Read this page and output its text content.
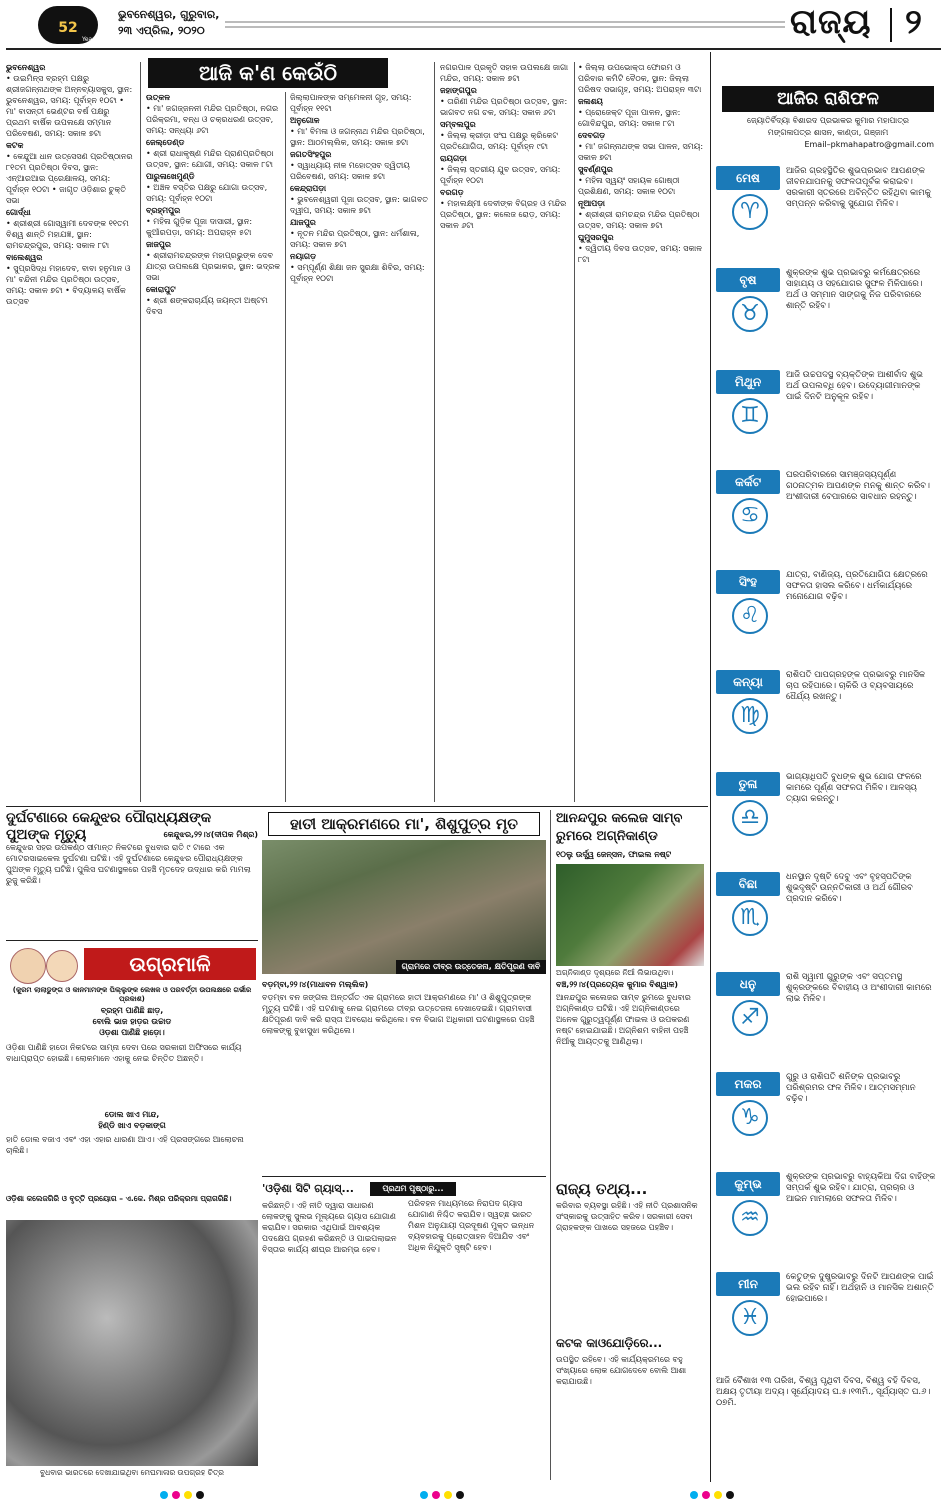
52
Years
ଭୁବନେଶ୍ୱର, ଗୁରୁବାର,
୨୩ ଏପ୍ରିଲ, ୨୦୨୦	ରାଜ୍ୟ ୨
ଆଜି କ'ଣ କେଉଁଠି
ଭୁବନେଶ୍ୱର

• ଉଇମିନ୍ସ ବ୍ରହ୍ମ ପକ୍ଷରୁ ଶ୍ରୀଜଗନ୍ନାଥଙ୍କ ଅନ୍ନବ୍ୟାସକୁସ, ସ୍ଥାନ: ଭୁବନେଶ୍ୱର, ସମୟ: ପୂର୍ବାହ୍ନ ୧୦ଟା • ମା' ବାସନ୍ତୀ ଭେଣ୍ଟର ବର୍ଷ ପକ୍ଷରୁ ପ୍ରଥମ ବାର୍ଷିକ ଉପଲକ୍ଷେ ସମ୍ମାନ ପରିବେଷଣ, ସମୟ: ସକାଳ ୭ଟା

କଟକ

• କେନ୍ଦୁଆ ଧାନ ଉତ୍ସେସଣ ପ୍ରତିଷ୍ଠାନର ୮୧ତମ ପ୍ରତିଷ୍ଠା ଦିବସ, ସ୍ଥାନ: ଏନ୍ଆରଆଇ ପ୍ରେକ୍ଷାଳୟ, ସମୟ: ପୂର୍ବାହ୍ନ ୧୦ଟା • ଜାଗୃତ ଓଡ଼ିଶାର ଚୁକ୍ତି ସଭା

ଗୋର୍ଦ୍ଧା

• ଶ୍ରୀଶ୍ରୀ ଗୋସ୍ୱାମୀ ଦେବଙ୍କ ୧୧ତମ ବିଶ୍ୱ ଶାନ୍ତି ମହାଯଜ୍ଞ, ସ୍ଥାନ: ରାମଚନ୍ଦ୍ରପୁର, ସମୟ: ସକାଳ ୮ଟା

ବାଲେଶ୍ୱର

• ସୁପ୍ରସିଦ୍ଧ ମହାଦେବ, ବାବା ହନୁମାନ ଓ ମା' ବନ୍ଦିନୀ ମନ୍ଦିର ପ୍ରତିଷ୍ଠା ଉତ୍ସବ, ସମୟ: ସକାଳ ୭ଟା • ବିଦ୍ୟାଳୟ ବାର୍ଷିକ ଉତ୍ସବ

ଉତ୍କଳ

• ମା' ଜଗଜ୍ଜନନୀ ମନ୍ଦିର ପ୍ରତିଷ୍ଠା, ନଗର ପରିକ୍ରମା, ବନ୍ଧ ଓ ଚକ୍ରଧରଣ ଉତ୍ସବ, ସମୟ: ସନ୍ଧ୍ୟା ୬ଟା

ଜେଲ୍ଡେଣ୍ଡ

• ଶ୍ରୀ ରାଧାକୃଷ୍ଣ ମନ୍ଦିର ପ୍ରାଣପ୍ରତିଷ୍ଠା ଉତ୍ସବ, ସ୍ଥାନ: ଯୋଗୀ, ସମୟ: ସକାଳ ୮ଟା

ପାରୁଳାଖେମୁଣ୍ଡି

• ଅଞ୍ଚଳ ବସ୍ତିର ପକ୍ଷରୁ ଯୋଗା ଉତ୍ସବ, ସମୟ: ପୂର୍ବାହ୍ନ ୧୦ଟା

ବ୍ରହ୍ମପୁର

• ମହିଳା ଗୁଡ଼ିକ ପୂଜା ଦାସାରୀ, ସ୍ଥାନ: କୁଆଁରପଡ଼ା, ସମୟ: ଅପରାହ୍ନ ୫ଟା

ଜାଜପୁର

• ଶ୍ରୀରାମଚନ୍ଦ୍ରଙ୍କ ମହାପ୍ରଭୁଙ୍କ ଦେବ ଯାତ୍ରା ଉପଲକ୍ଷେ ପ୍ରଭାକର, ସ୍ଥାନ: ଭଦ୍ରକ ସଭା

କୋରାପୁଟ

• ଶ୍ରୀ ଶଙ୍କରାଚାର୍ଯ୍ୟ ଜୟନ୍ତୀ ଅଷ୍ଟମ ଦିବସ

ଜିଲ୍ଲାପାଳଙ୍କ ସମ୍ମେଳନୀ ଗୃହ, ସମୟ: ପୂର୍ବାହ୍ନ ୧୧ଟା

ଅନୁଗୋଳ

• ମା' ବିମଳା ଓ ଜଗନ୍ନାଥ ମନ୍ଦିର ପ୍ରତିଷ୍ଠା, ସ୍ଥାନ: ଆଠମଲ୍ଲିକ, ସମୟ: ସକାଳ ୭ଟା

ଜଗତସିଂହପୁର

• ସ୍ୱାଧ୍ୟାୟ ନୀଳ ମହୋତ୍ସବ ଦ୍ୱିତୀୟ ପରିବେଷଣ, ସମୟ: ସକାଳ ୭ଟା

କେନ୍ଦ୍ରାପଡ଼ା

• ଭୁବନେଶ୍ୱରୀ ପୂଜା ଉତ୍ସବ, ସ୍ଥାନ: ଭାଗବତ ଦ୍ୱୀପ, ସମୟ: ସକାଳ ୭ଟା

ଯାଜପୁର

• ନୂତନ ମନ୍ଦିର ପ୍ରତିଷ୍ଠା, ସ୍ଥାନ: ଧର୍ମଶାଳା, ସମୟ: ସକାଳ ୭ଟା

ନୟାଗଡ଼

• ସମ୍ପୂର୍ଣ୍ଣ ଶିକ୍ଷା ଜନ ସୁରକ୍ଷା ଶିବିର, ସମୟ: ପୂର୍ବାହ୍ନ ୧୦ଟା

ନଗରପାଳ ପ୍ରକୃତି ସହାଳ ଉପଲକ୍ଷେ ଜାଗା ମନ୍ଦିର, ସମୟ: ସକାଳ ୭ଟା

ଜହାଙ୍ଗପୁର

• ତାରିଣୀ ମନ୍ଦିର ପ୍ରତିଷ୍ଠା ଉତ୍ସବ, ସ୍ଥାନ: ଭାଗବତ ନଗ ଚକ, ସମୟ: ସକାଳ ୬ଟା

ସମ୍ବଲପୁର

• ଜିଲ୍ଲା କ୍ରୀଡ଼ା ସଂଘ ପକ୍ଷରୁ କ୍ରିକେଟ ପ୍ରତିଯୋଗିତା, ସମୟ: ପୂର୍ବାହ୍ନ ୯ଟା

ରାୟଗଡ଼ା

• ଜିଲ୍ଲା ସ୍ତରୀୟ ଯୁବ ଉତ୍ସବ, ସମୟ: ପୂର୍ବାହ୍ନ ୧୦ଟା

ବରଗଡ଼

• ମହାଲକ୍ଷ୍ମୀ ଦେବୀଙ୍କ ବିଗ୍ରହ ଓ ମନ୍ଦିର ପ୍ରତିଷ୍ଠା, ସ୍ଥାନ: କଲେଜ ରୋଡ଼, ସମୟ: ସକାଳ ୬ଟା

• ଜିଲ୍ଲା ଉପଭୋକ୍ତା ଫୋରମ ଓ ପରିବାର କମିଟି ବୈଠକ, ସ୍ଥାନ: ଜିଲ୍ଲା ପରିଷଦ ସଭାଗୃହ, ସମୟ: ଅପରାହ୍ନ ୩ଟା

ଜଳାଶୟ

• ପ୍ରୋଜେକ୍ଟ ପୂଜା ପାଳନ, ସ୍ଥାନ: ଗୋବିନ୍ଦପୁର, ସମୟ: ସକାଳ ୮ଟା

ଦେବଗଡ଼

• ମା' ଜଗନ୍ନାଥଙ୍କ ସଭା ପାଳନ, ସମୟ: ସକାଳ ୭ଟା

ସୁବର୍ଣ୍ଣପୁର

• ମହିଳା ସ୍ୱୟଂ ସହାୟକ ଗୋଷ୍ଠୀ ପ୍ରଶିକ୍ଷଣ, ସମୟ: ସକାଳ ୧୦ଟା

ନୂଆପଡ଼ା

• ଶ୍ରୀଶ୍ରୀ ରାମଚନ୍ଦ୍ର ମନ୍ଦିର ପ୍ରତିଷ୍ଠା ଉତ୍ସବ, ସମୟ: ସକାଳ ୭ଟା

ଘୁମୁସରପୁର

• ଦ୍ୱିତୀୟ ଦିବସ ଉତ୍ସବ, ସମୟ: ସକାଳ ୮ଟା

ଆଜିର ରାଶିଫଳ
ଜ୍ୟୋତିର୍ବିଦ୍ୟା ବିଶାରଦ ପ୍ରଭାକର କୁମାର ମହାପାତ୍ର
ମଙ୍ଗଳାପତ୍ର ଶାସନ, କାଣ୍ଡା, ଗଞ୍ଜାମ
Email–pkmahapatro@gmail.com
ମେଷ
♈
ଆଜିର ଗ୍ରହସ୍ଥିତିର ଶୁଭପ୍ରଭାବ ଆପଣଙ୍କ ଜୀବନଯାପନକୁ ସଫଳତାପୂର୍ବକ କରାଇବ। ସରକାରୀ ସ୍ତରରେ ଅବିନ୍ତିତ ରହିଥିବା କାମକୁ ସମ୍ପନ୍ନ କରିବାକୁ ସୁଯୋଗ ମିଳିବ।
ବୃଷ
♉
ଶୁକ୍ରଙ୍କ ଶୁଭ ପ୍ରଭାବରୁ କର୍ମକ୍ଷେତ୍ରରେ ସାହାଯ୍ୟ ଓ ସହଯୋଗର ସୁଫଳ ମିଳିପାରେ। ଅର୍ଥ ଓ ସମ୍ମାନ ସାଙ୍ଗକୁ ନିଜ ପରିବାରରେ ଶାନ୍ତି ରହିବ।
ମିଥୁନ
♊
ଆଜି ଉଚ୍ଚପଦସ୍ଥ ବ୍ୟକ୍ତିଙ୍କ ଆଶୀର୍ବାଦ ଶୁଭ ଅର୍ଥ ଉପଲବ୍ଧି ହେବ। ଉଦ୍ୟୋଗୀମାନଙ୍କ ପାଇଁ ଦିନଟି ଅନୁକୂଳ ରହିବ।
କର୍କଟ
♋
ଘରପରିବାରରେ ସାମଞ୍ଜସ୍ୟପୂର୍ଣ୍ଣ ଗଠନାତ୍ମକ ଆପଣଙ୍କ ମନକୁ ଶାନ୍ତ କରିବ। ଅଂଶୀଦାରୀ ବେପାରରେ ସାବଧାନ ରହନ୍ତୁ।
ସିଂହ
♌
ଯାତ୍ରା, ବାଣିଜ୍ୟ, ପ୍ରତିଯୋଗିତା କ୍ଷେତ୍ରରେ ସଫଳତା ହାସଲ କରିବେ। ଧର୍ମକାର୍ଯ୍ୟରେ ମନୋଯୋଗ ବଢ଼ିବ।
କନ୍ୟା
♍
ରାଶିପତି ପାପଗ୍ରହଙ୍କ ପ୍ରଭାବରୁ ମାନସିକ ଚାପ ରହିପାରେ। ଚାକିରି ଓ ବ୍ୟବସାୟରେ ଧୈର୍ଯ୍ୟ ରଖନ୍ତୁ।
ତୁଳା
♎
ଭାଗ୍ୟାଧିପତି ବୁଧଙ୍କ ଶୁଭ ଯୋଗ ଫଳରେ କାମରେ ପୂର୍ଣ୍ଣ ସଫଳତା ମିଳିବ। ଆଳସ୍ୟ ତ୍ୟାଗ କରନ୍ତୁ।
ବିଛା
♏
ଧନସ୍ଥାନ ଦୃଷ୍ଟି ଦେବୁ ଏବଂ ବୃହସ୍ପତିଙ୍କ ଶୁଭଦୃଷ୍ଟି ଉନ୍ନତିକାରୀ ଓ ଅର୍ଥ ଗୌରବ ପ୍ରଦାନ କରିବେ।
ଧନୁ
♐
ରାଶି ସ୍ୱାମୀ ଗୁରୁଙ୍କ ଏବଂ ସପ୍ତମସ୍ଥ ଶୁକ୍ରଙ୍କରେ ବିବାହୀୟ ଓ ଅଂଶୀଦାରୀ କାମରେ ଲାଭ ମିଳିବ।
ମକର
♑
ଗୁରୁ ଓ ରାଶିପତି ଶନିଙ୍କ ପ୍ରଭାବରୁ ପରିଶ୍ରମର ଫଳ ମିଳିବ। ଆତ୍ମସମ୍ମାନ ବଢ଼ିବ।
କୁମ୍ଭ
♒
ଶୁକ୍ରଙ୍କ ପ୍ରଭାବରୁ ବାହ୍ୟକିଆ ଦିଗ ବାହିଙ୍କ ସମ୍ପର୍କ ଶୁଭ ରହିବ। ଯାତ୍ରା, ପ୍ରଚାର ଓ ଆଇନ ମାମଲାରେ ସଫଳତା ମିଳିବ।
ମୀନ
♓
କେତୁଙ୍କ ଦୁଷ୍ପ୍ରଭାବରୁ ଦିନଟି ଆପଣଙ୍କ ପାଇଁ ଭଲ ରହିବ ନାହିଁ। ଅର୍ଥହାନି ଓ ମାନସିକ ଅଶାନ୍ତି ହୋଇପାରେ।
ଆଜି ବୈଶାଖ ୧୩ ତାରିଖ, ବିଶ୍ୱ ପୃଥିବୀ ଦିବସ, ବିଶ୍ୱ ବହି ଦିବସ, ଅକ୍ଷୟ ତୃତୀୟା ଅଦ୍ୟ। ସୂର୍ଯ୍ୟୋଦୟ ଘ.୫।୧୩ମି., ସୂର୍ଯ୍ୟାସ୍ତ ଘ.୬।୦୭ମି.
ଦୁର୍ଘଟଣାରେ କେନ୍ଦୁଝର ପୌରାଧ୍ୟକ୍ଷଙ୍କ ପୁଅଙ୍କ ମୃତ୍ୟୁ	କେନ୍ଦୁଝର,୨୨।୪(ଦୀପକ ମିଶ୍ର)
କେନ୍ଦୁଝର ସହର ଉପକଣ୍ଠ ସୀମାନ୍ତ ନିକଟରେ ବୁଧବାର ରାତି ୯ ଟାରେ ଏକ ମୋଟରସାଇକେଲ ଦୁର୍ଘଟଣା ଘଟିଛି। ଏହି ଦୁର୍ଘଟଣାରେ କେନ୍ଦୁଝର ପୌରାଧ୍ୟକ୍ଷଙ୍କ ପୁଅଙ୍କ ମୃତ୍ୟୁ ଘଟିଛି। ପୁଲିସ ଘଟଣାସ୍ଥଳରେ ପହଞ୍ଚି ମୃତଦେହ ଉଦ୍ଧାର କରି ମାମଲା ରୁଜୁ କରିଛି।
ଉଗ୍ରମାଳି
(କୁରମ ଲାଲାଡୁଙ୍ଗ ଓ କାନମାମଙ୍କ ପିଲ୍ଲୁଙ୍କ ଲେଖକ ଓ ପରବର୍ତ୍ତୀ ଉପଲକ୍ଷରେ ଗର୍ଭୀର ପ୍ରକାଶ)
ବ୍ରହ୍ମ ପାଣିଛି ଛାଡ଼,
ବୋଲି ଭାଜ ହାଡ଼ର ଉଚ୍ଚାଡ
ଓଡ଼ଶା ପାଣିଛି ହାଡ଼ୋ।
ଓଡ଼ିଶା ପାଣିଛି ହାଡୋ ନିକଟରେ ସାମ୍ନା ଦେବା ପରେ ସରକାରୀ ଅଫିସରେ କାର୍ଯ୍ୟ ବାଧାପ୍ରାପ୍ତ ହୋଇଛି। ଲୋକମାନେ ଏହାକୁ ନେଇ ଚିନ୍ତିତ ଅଛନ୍ତି।
ଡୋଲ ଖାଏ ମାନ୍ଦ,
ହିଣ୍ଡି ଖାଏ ବଡ଼କାଙ୍ଗ
ହାତି ଡୋଲ ବଜାଏ ଏବଂ ଏହା ଏହାର ଧାରଣା ଆଏ। ଏହି ପ୍ରସଙ୍ଗରେ ଆଲୋଚନା ଚାଲିଛି।
ଓଡ଼ିଶା କଲେଜଗିରି ଓ ବୃତ୍ତି ପ୍ରୟୋଗ – ଏ.କେ. ମିଶ୍ର ପରିକ୍ରମା ପ୍ରାଗରିଛି।
ବୁଧବାର ଭାରତରେ ଦେଖାଯାଇଥିବା ମେଘମାଳାର ଉପଗ୍ରହ ଚିତ୍ର
ହାତୀ ଆକ୍ରମଣରେ ମା', ଶିଶୁପୁତ୍ର ମୃତ
ଗ୍ରାମରେ ତୀବ୍ର ଉତ୍ତେଜନା, କ୍ଷତିପୂରଣ ଦାବି
ବଡ଼ମ୍ବା,୨୨।୪(ମାଧାବନ ମଲ୍ଲିକ)
ବଡ଼ମ୍ବା ବନ ଜଙ୍ଗଲ ଅନ୍ତର୍ଗତ ଏକ ଗ୍ରାମରେ ହାତୀ ଆକ୍ରମଣରେ ମା' ଓ ଶିଶୁପୁତ୍ରଙ୍କ ମୃତ୍ୟୁ ଘଟିଛି। ଏହି ଘଟଣାକୁ ନେଇ ଗ୍ରାମରେ ତୀବ୍ର ଉତ୍ତେଜନା ଦେଖାଦେଇଛି। ଗ୍ରାମବାସୀ କ୍ଷତିପୂରଣ ଦାବି କରି ରାସ୍ତା ଅବରୋଧ କରିଥିଲେ। ବନ ବିଭାଗ ଅଧିକାରୀ ଘଟଣାସ୍ଥଳରେ ପହଞ୍ଚି ଲୋକଙ୍କୁ ବୁଝାସୁଝା କରିଥିଲେ।
ଆନନ୍ଦପୁର କଲେଜ ସାମ୍ବ ରୁମରେ ଅଗ୍ନିକାଣ୍ଡ
୧୦ଲୁ ଉର୍ଦ୍ଧ୍ୱ ଜେନ୍ସନ, ଫାଇଲ ନଷ୍ଟ
ଅଗ୍ନିକାଣ୍ଡ ଦୃଶ୍ୟରେ ନିଆଁ ଲିଭାଉଥିବା।
ବଞ୍ଚ,୨୨।୪(ପ୍ରତ୍ୟେକ କୁମାର ବିଶ୍ୱାଳ)
ଆନନ୍ଦପୁର କଲେଜର ସାମ୍ବ ରୁମରେ ବୁଧବାର ଅଗ୍ନିକାଣ୍ଡ ଘଟିଛି। ଏହି ଅଗ୍ନିକାଣ୍ଡରେ ଅନେକ ଗୁରୁତ୍ୱପୂର୍ଣ୍ଣ ଫାଇଲ ଓ ଉପକରଣ ନଷ୍ଟ ହୋଇଯାଇଛି। ଅଗ୍ନିଶମ ବାହିନୀ ପହଞ୍ଚି ନିଆଁକୁ ଆୟତ୍ତକୁ ଆଣିଥିଲା।
'ଓଡ଼ିଶା ସିଟି ଗ୍ୟାସ୍...	ପ୍ରଥମ ପୃଷ୍ଠାରୁ...
କରିଛନ୍ତି। ଏହି ନୀତି ଦ୍ୱାରା ସାଧାରଣ ଲୋକଙ୍କୁ ସୁଲଭ ମୂଲ୍ୟରେ ଗ୍ୟାସ ଯୋଗାଣ କରାଯିବ। ସରକାର ଏଥିପାଇଁ ଆବଶ୍ୟକ ପଦକ୍ଷେପ ଗ୍ରହଣ କରିଛନ୍ତି ଓ ପାଇପଲାଇନ ବିସ୍ତାର କାର୍ଯ୍ୟ ଶୀଘ୍ର ଆରମ୍ଭ ହେବ।
ପରିବହନ ମାଧ୍ୟମରେ ନିରାପଦ ଗ୍ୟାସ ଯୋଗାଣ ନିଶ୍ଚିତ କରାଯିବ। ସ୍ୱଚ୍ଛ ଭାରତ ମିଶନ ଅନୁଯାୟୀ ପ୍ରଦୂଷଣ ମୁକ୍ତ ଇନ୍ଧନ ବ୍ୟବହାରକୁ ପ୍ରୋତ୍ସାହନ ଦିଆଯିବ ଏବଂ ଅଧିକ ନିଯୁକ୍ତି ସୃଷ୍ଟି ହେବ।
ରାଜ୍ୟ ତଥ୍ୟ...
କରିବାର ବ୍ୟବସ୍ଥା ରହିଛି। ଏହି ନୀତି ପ୍ରଶାସନିକ ସଂସ୍କାରକୁ ଉତ୍ସାହିତ କରିବ। ସରକାରୀ ସେବା ଗ୍ରାହକଙ୍କ ପାଖରେ ସହଜରେ ପହଞ୍ଚିବ।
କଟକ କାଓଯୋଡ଼ିରେ...
ଉପସ୍ଥିତ ରହିବେ। ଏହି କାର୍ଯ୍ୟକ୍ରମରେ ବହୁ ସଂଖ୍ୟାରେ ଲୋକ ଯୋଗଦେବେ ବୋଲି ଆଶା କରାଯାଉଛି।
